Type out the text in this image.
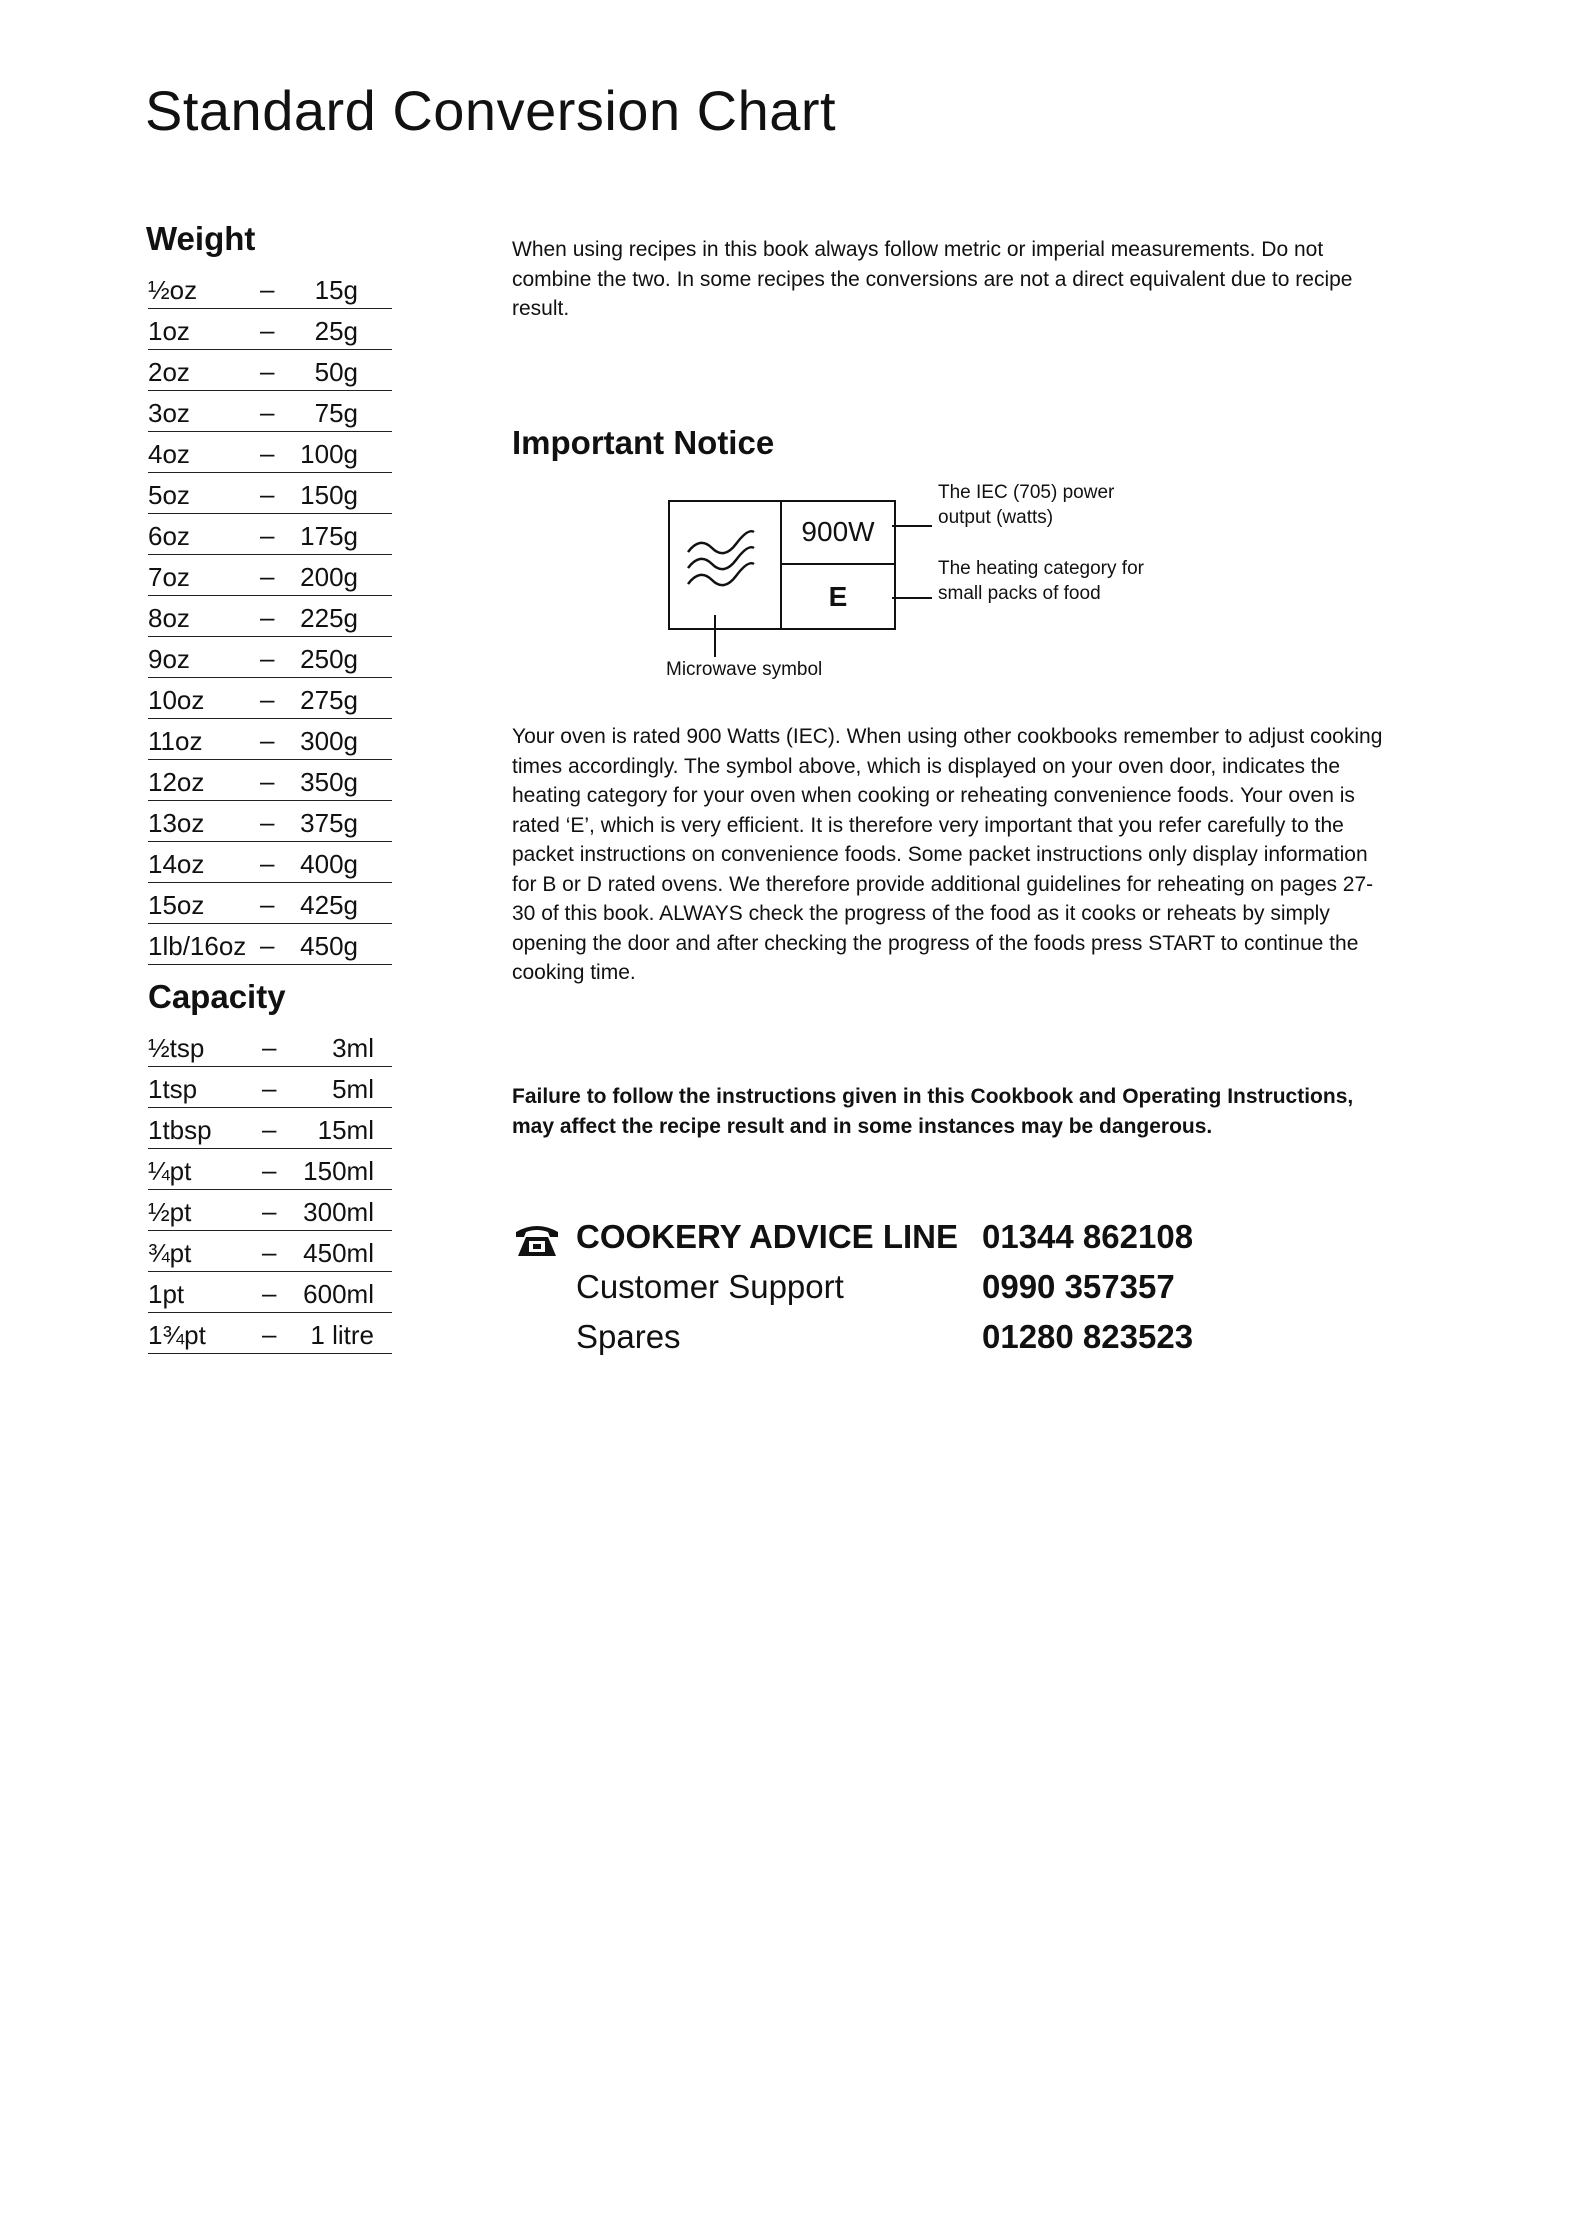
Standard Conversion Chart
Weight
½oz – 15g
1oz	– 25g
2oz	– 50g
3oz	– 75g
4oz	– 100g
5oz	– 150g
6oz	– 175g
7oz	– 200g
8oz	– 225g
9oz	– 250g
10oz – 275g
11oz – 300g
12oz – 350g
13oz – 375g
14oz – 400g
15oz – 425g
1lb/16oz – 450g
Capacity
½tsp – 3ml
1tsp – 5ml
1tbsp – 15ml
¼pt	– 150ml
½pt	– 300ml
¾pt	– 450ml
1pt	– 600ml
1¾pt – 1 litre

When using recipes in this book always follow metric or imperial measurements. Do not combine the two. In some recipes the conversions are not a direct equivalent due to recipe result.

Important Notice
900W
E
The IEC (705) power output (watts)
The heating category for small packs of food
Microwave symbol

Your oven is rated 900 Watts (IEC). When using other cookbooks remember to adjust cooking times accordingly. The symbol above, which is displayed on your oven door, indicates the heating category for your oven when cooking or reheating convenience foods. Your oven is rated ‘E’, which is very efficient. It is therefore very important that you refer carefully to the packet instructions on convenience foods. Some packet instructions only display information for B or D rated ovens. We therefore provide additional guidelines for reheating on pages 27-30 of this book. ALWAYS check the progress of the food as it cooks or reheats by simply opening the door and after checking the progress of the foods press START to continue the cooking time.

Failure to follow the instructions given in this Cookbook and Operating Instructions, may affect the recipe result and in some instances may be dangerous.

COOKERY ADVICE LINE 01344 862108
Customer Support	0990 357357
Spares	01280 823523
